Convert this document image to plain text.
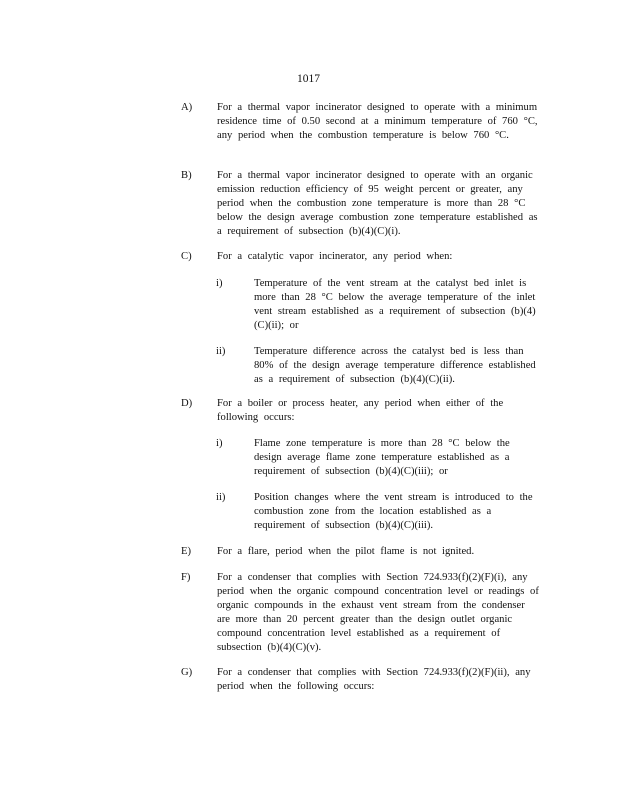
1017
A) For a thermal vapor incinerator designed to operate with a minimum residence time of 0.50 second at a minimum temperature of 760 °C, any period when the combustion temperature is below 760 °C.
B) For a thermal vapor incinerator designed to operate with an organic emission reduction efficiency of 95 weight percent or greater, any period when the combustion zone temperature is more than 28 °C below the design average combustion zone temperature established as a requirement of subsection (b)(4)(C)(i).
C) For a catalytic vapor incinerator, any period when:
i)	Temperature of the vent stream at the catalyst bed inlet is more than 28 °C below the average temperature of the inlet vent stream established as a requirement of subsection (b)(4)(C)(ii); or
ii)	Temperature difference across the catalyst bed is less than 80% of the design average temperature difference established as a requirement of subsection (b)(4)(C)(ii).
D) For a boiler or process heater, any period when either of the following occurs:
i)	Flame zone temperature is more than 28 °C below the design average flame zone temperature established as a requirement of subsection (b)(4)(C)(iii); or
ii)	Position changes where the vent stream is introduced to the combustion zone from the location established as a requirement of subsection (b)(4)(C)(iii).
E) For a flare, period when the pilot flame is not ignited.
F)	For a condenser that complies with Section 724.933(f)(2)(F)(i), any period when the organic compound concentration level or readings of organic compounds in the exhaust vent stream from the condenser are more than 20 percent greater than the design outlet organic compound concentration level established as a requirement of subsection (b)(4)(C)(v).
G) For a condenser that complies with Section 724.933(f)(2)(F)(ii), any period when the following occurs:
